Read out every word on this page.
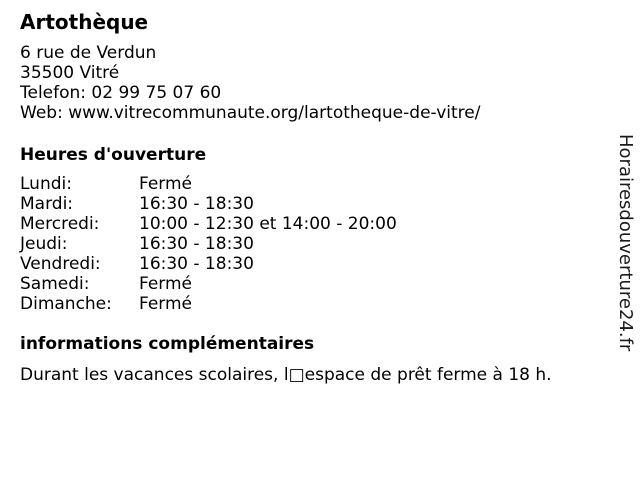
Artothèque
6 rue de Verdun
35500 Vitré
Telefon: 02 99 75 07 60
Web: www.vitrecommunaute.org/lartotheque-de-vitre/
Heures d'ouverture
Lundi:	Fermé
Mardi:	16:30 - 18:30
Mercredi:	10:00 - 12:30 et 14:00 - 20:00
Jeudi:	16:30 - 18:30
Vendredi:	16:30 - 18:30
Samedi:	Fermé
Dimanche:	Fermé
informations complémentaires
Durant les vacances scolaires, l□espace de prêt ferme à 18 h.
Horairesdouverture24.fr
